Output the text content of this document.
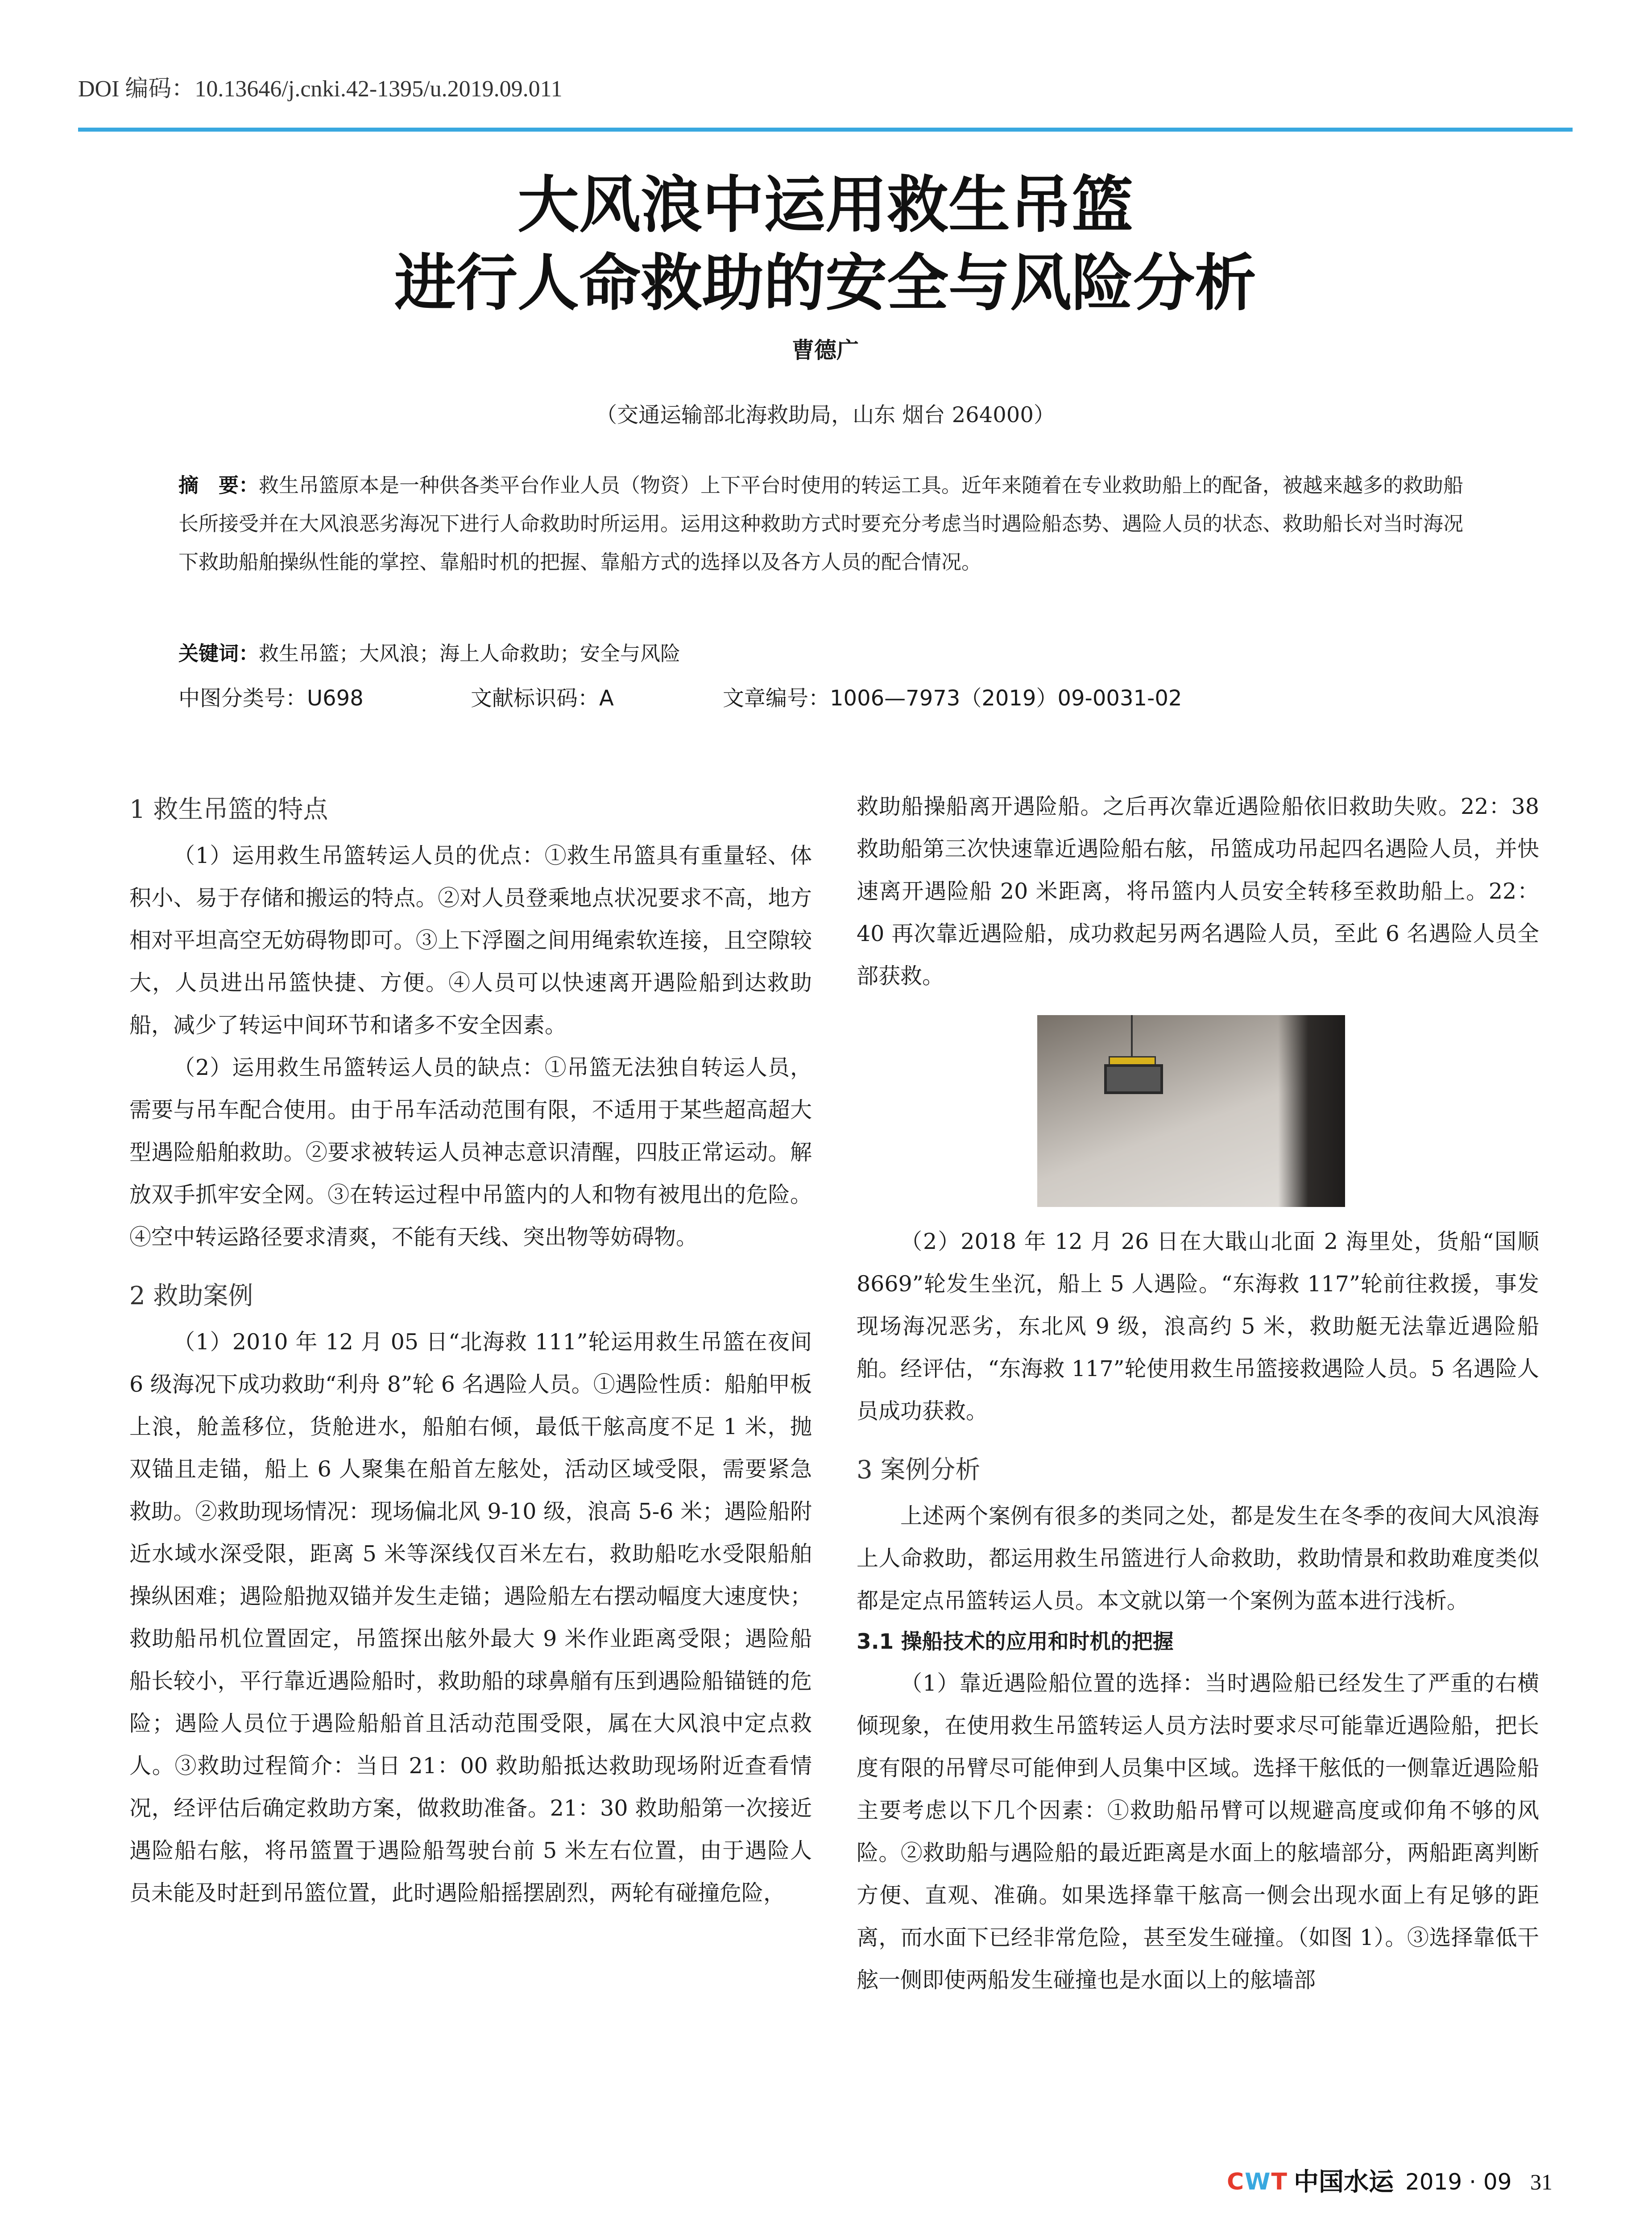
DOI 编码：10.13646/j.cnki.42-1395/u.2019.09.011
大风浪中运用救生吊篮
进行人命救助的安全与风险分析
曹德广
（交通运输部北海救助局，山东 烟台 264000）
摘　要：救生吊篮原本是一种供各类平台作业人员（物资）上下平台时使用的转运工具。近年来随着在专业救助船上的配备，被越来越多的救助船长所接受并在大风浪恶劣海况下进行人命救助时所运用。运用这种救助方式时要充分考虑当时遇险船态势、遇险人员的状态、救助船长对当时海况下救助船舶操纵性能的掌控、靠船时机的把握、靠船方式的选择以及各方人员的配合情况。
关键词：救生吊篮；大风浪；海上人命救助；安全与风险
中图分类号：U698	文献标识码：A	文章编号：1006—7973（2019）09-0031-02
1 救生吊篮的特点

（1）运用救生吊篮转运人员的优点：①救生吊篮具有重量轻、体积小、易于存储和搬运的特点。②对人员登乘地点状况要求不高，地方相对平坦高空无妨碍物即可。③上下浮圈之间用绳索软连接，且空隙较大，人员进出吊篮快捷、方便。④人员可以快速离开遇险船到达救助船，减少了转运中间环节和诸多不安全因素。

（2）运用救生吊篮转运人员的缺点：①吊篮无法独自转运人员，需要与吊车配合使用。由于吊车活动范围有限，不适用于某些超高超大型遇险船舶救助。②要求被转运人员神志意识清醒，四肢正常运动。解放双手抓牢安全网。③在转运过程中吊篮内的人和物有被甩出的危险。 ④空中转运路径要求清爽，不能有天线、突出物等妨碍物。

2 救助案例

（1）2010 年 12 月 05 日“北海救 111”轮运用救生吊篮在夜间 6 级海况下成功救助“利舟 8”轮 6 名遇险人员。①遇险性质：船舶甲板上浪，舱盖移位，货舱进水，船舶右倾，最低干舷高度不足 1 米，抛双锚且走锚，船上 6 人聚集在船首左舷处，活动区域受限，需要紧急救助。②救助现场情况：现场偏北风 9-10 级，浪高 5-6 米；遇险船附近水域水深受限，距离 5 米等深线仅百米左右，救助船吃水受限船舶操纵困难；遇险船抛双锚并发生走锚；遇险船左右摆动幅度大速度快；救助船吊机位置固定，吊篮探出舷外最大 9 米作业距离受限；遇险船船长较小，平行靠近遇险船时，救助船的球鼻艏有压到遇险船锚链的危险；遇险人员位于遇险船船首且活动范围受限，属在大风浪中定点救人。③救助过程简介：当日 21：00 救助船抵达救助现场附近查看情况，经评估后确定救助方案，做救助准备。21：30 救助船第一次接近遇险船右舷，将吊篮置于遇险船驾驶台前 5 米左右位置，由于遇险人员未能及时赶到吊篮位置，此时遇险船摇摆剧烈，两轮有碰撞危险，

救助船操船离开遇险船。之后再次靠近遇险船依旧救助失败。22：38 救助船第三次快速靠近遇险船右舷，吊篮成功吊起四名遇险人员，并快速离开遇险船 20 米距离，将吊篮内人员安全转移至救助船上。22：40 再次靠近遇险船，成功救起另两名遇险人员，至此 6 名遇险人员全部获救。

（2）2018 年 12 月 26 日在大戢山北面 2 海里处，货船“国顺 8669”轮发生坐沉，船上 5 人遇险。“东海救 117”轮前往救援，事发现场海况恶劣，东北风 9 级，浪高约 5 米，救助艇无法靠近遇险船舶。经评估，“东海救 117”轮使用救生吊篮接救遇险人员。5 名遇险人员成功获救。

3 案例分析

上述两个案例有很多的类同之处，都是发生在冬季的夜间大风浪海上人命救助，都运用救生吊篮进行人命救助，救助情景和救助难度类似都是定点吊篮转运人员。本文就以第一个案例为蓝本进行浅析。

3.1 操船技术的应用和时机的把握

（1）靠近遇险船位置的选择：当时遇险船已经发生了严重的右横倾现象，在使用救生吊篮转运人员方法时要求尽可能靠近遇险船，把长度有限的吊臂尽可能伸到人员集中区域。选择干舷低的一侧靠近遇险船主要考虑以下几个因素：①救助船吊臂可以规避高度或仰角不够的风险。②救助船与遇险船的最近距离是水面上的舷墙部分，两船距离判断方便、直观、准确。如果选择靠干舷高一侧会出现水面上有足够的距离，而水面下已经非常危险，甚至发生碰撞。（如图 1）。③选择靠低干舷一侧即使两船发生碰撞也是水面以上的舷墙部

CWT 中国水运 2019 · 09 31
